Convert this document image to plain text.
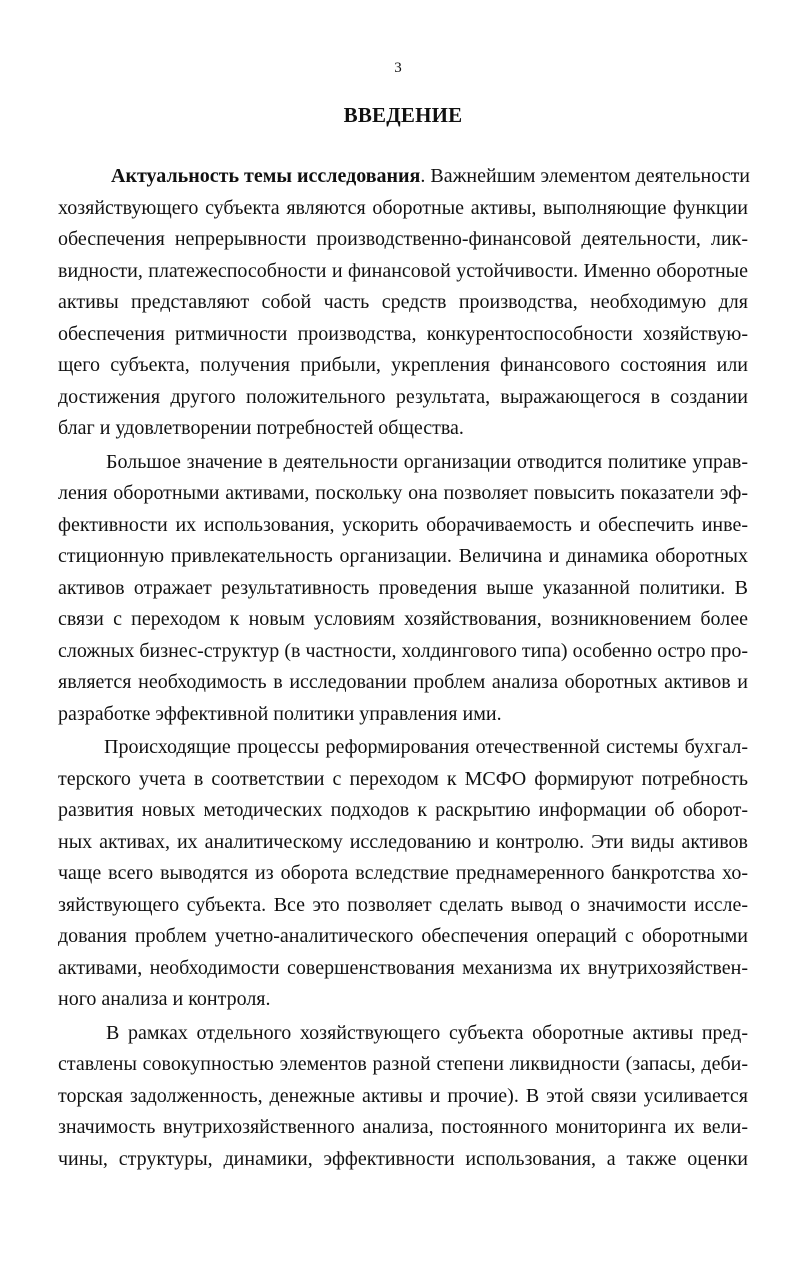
3
ВВЕДЕНИЕ

Актуальность темы исследования. Важнейшим элементом деятельности
хозяйствующего субъекта являются оборотные активы, выполняющие функции
обеспечения непрерывности производственно-финансовой деятельности, лик-
видности, платежеспособности и финансовой устойчивости. Именно оборотные
активы представляют собой часть средств производства, необходимую для
обеспечения ритмичности производства, конкурентоспособности хозяйствую-
щего субъекта, получения прибыли, укрепления финансового состояния или
достижения другого положительного результата, выражающегося в создании
благ и удовлетворении потребностей общества.

Большое значение в деятельности организации отводится политике управ-
ления оборотными активами, поскольку она позволяет повысить показатели эф-
фективности их использования, ускорить оборачиваемость и обеспечить инве-
стиционную привлекательность организации. Величина и динамика оборотных
активов отражает результативность проведения выше указанной политики. В
связи с переходом к новым условиям хозяйствования, возникновением более
сложных бизнес-структур (в частности, холдингового типа) особенно остро про-
является необходимость в исследовании проблем анализа оборотных активов и
разработке эффективной политики управления ими.

Происходящие процессы реформирования отечественной системы бухгал-
терского учета в соответствии с переходом к МСФО формируют потребность
развития новых методических подходов к раскрытию информации об оборот-
ных активах, их аналитическому исследованию и контролю. Эти виды активов
чаще всего выводятся из оборота вследствие преднамеренного банкротства хо-
зяйствующего субъекта. Все это позволяет сделать вывод о значимости иссле-
дования проблем учетно-аналитического обеспечения операций с оборотными
активами, необходимости совершенствования механизма их внутрихозяйствен-
ного анализа и контроля.

В рамках отдельного хозяйствующего субъекта оборотные активы пред-
ставлены совокупностью элементов разной степени ликвидности (запасы, деби-
торская задолженность, денежные активы и прочие). В этой связи усиливается
значимость внутрихозяйственного анализа, постоянного мониторинга их вели-
чины, структуры, динамики, эффективности использования, а также оценки
